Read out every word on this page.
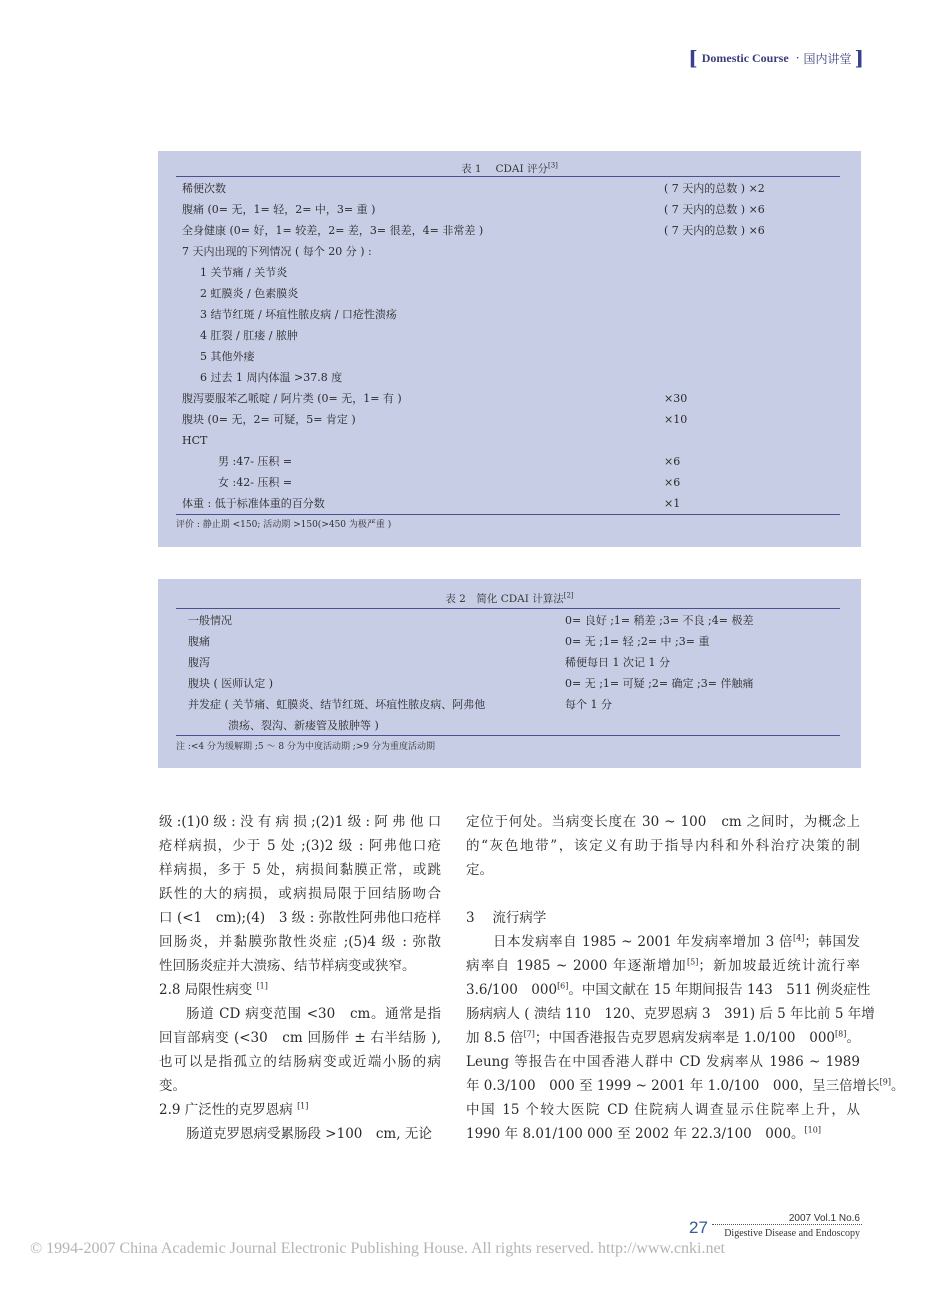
[ Domestic Course · 国内讲堂 ]
表 1　 CDAI 评分[3]
稀便次数	( 7 天内的总数 ) ×2
腹痛 (0= 无，1= 轻，2= 中，3= 重 )	( 7 天内的总数 ) ×6
全身健康 (0= 好，1= 较差，2= 差，3= 很差，4= 非常差 )	( 7 天内的总数 ) ×6
7 天内出现的下列情况 ( 每个 20 分 ) :
1 关节痛 / 关节炎
2 虹膜炎 / 色素膜炎
3 结节红斑 / 坏疽性脓皮病 / 口疮性溃疡
4 肛裂 / 肛瘘 / 脓肿
5 其他外瘘
6 过去 1 周内体温 >37.8 度
腹泻要服苯乙哌啶 / 阿片类 (0= 无，1= 有 )	×30
腹块 (0= 无，2= 可疑，5= 肯定 )	×10
HCT
男 :47- 压积 =	×6
女 :42- 压积 =	×6
体重 : 低于标准体重的百分数	×1
评价 : 静止期 <150; 活动期 >150(>450 为极严重 )
表 2　简化 CDAI 计算法[2]
一般情况	0= 良好 ;1= 稍差 ;3= 不良 ;4= 极差
腹痛	0= 无 ;1= 轻 ;2= 中 ;3= 重
腹泻	稀便每日 1 次记 1 分
腹块 ( 医师认定 )	0= 无 ;1= 可疑 ;2= 确定 ;3= 伴触痛
并发症 ( 关节痛、虹膜炎、结节红斑、坏疽性脓皮病、阿弗他	每个 1 分
溃疡、裂沟、新瘘管及脓肿等 )
注 :<4 分为缓解期 ;5 ～ 8 分为中度活动期 ;>9 分为重度活动期
级 :(1)0 级 : 没 有 病 损 ;(2)1 级 : 阿 弗 他 口
疮样病损，少于 5 处 ;(3)2 级 : 阿弗他口疮
样病损，多于 5 处，病损间黏膜正常，或跳
跃性的大的病损，或病损局限于回结肠吻合
口 (<1　cm);(4)　3 级 : 弥散性阿弗他口疮样
回肠炎，并黏膜弥散性炎症 ;(5)4 级 : 弥散
性回肠炎症并大溃疡、结节样病变或狭窄。
2.8 局限性病变 [1]
肠道 CD 病变范围 <30　cm。通常是指
回盲部病变 (<30　cm 回肠伴 ± 右半结肠 ),
也可以是指孤立的结肠病变或近端小肠的病
变。
2.9 广泛性的克罗恩病 [1]

肠道克罗恩病受累肠段 >100　cm, 无论

定位于何处。当病变长度在 30 ~ 100　cm 之间时，为概念上
的“灰色地带”，该定义有助于指导内科和外科治疗决策的制
定。
3　 流行病学
日本发病率自 1985 ~ 2001 年发病率增加 3 倍[4]；韩国发
病率自 1985 ~ 2000 年逐渐增加[5]；新加坡最近统计流行率
3.6/100　000[6]。中国文献在 15 年期间报告 143　511 例炎症性
肠病病人 ( 溃结 110　120、克罗恩病 3　391) 后 5 年比前 5 年增
加 8.5 倍[7]；中国香港报告克罗恩病发病率是 1.0/100　000[8]。
Leung 等报告在中国香港人群中 CD 发病率从 1986 ~ 1989
年 0.3/100　000 至 1999 ~ 2001 年 1.0/100　000，呈三倍增长[9]。
中国 15 个较大医院 CD 住院病人调查显示住院率上升，从
1990 年 8.01/100 000 至 2002 年 22.3/100　000。[10]
27	2007 Vol.1 No.6
Digestive Disease and Endoscopy
© 1994-2007 China Academic Journal Electronic Publishing House. All rights reserved. http://www.cnki.net
